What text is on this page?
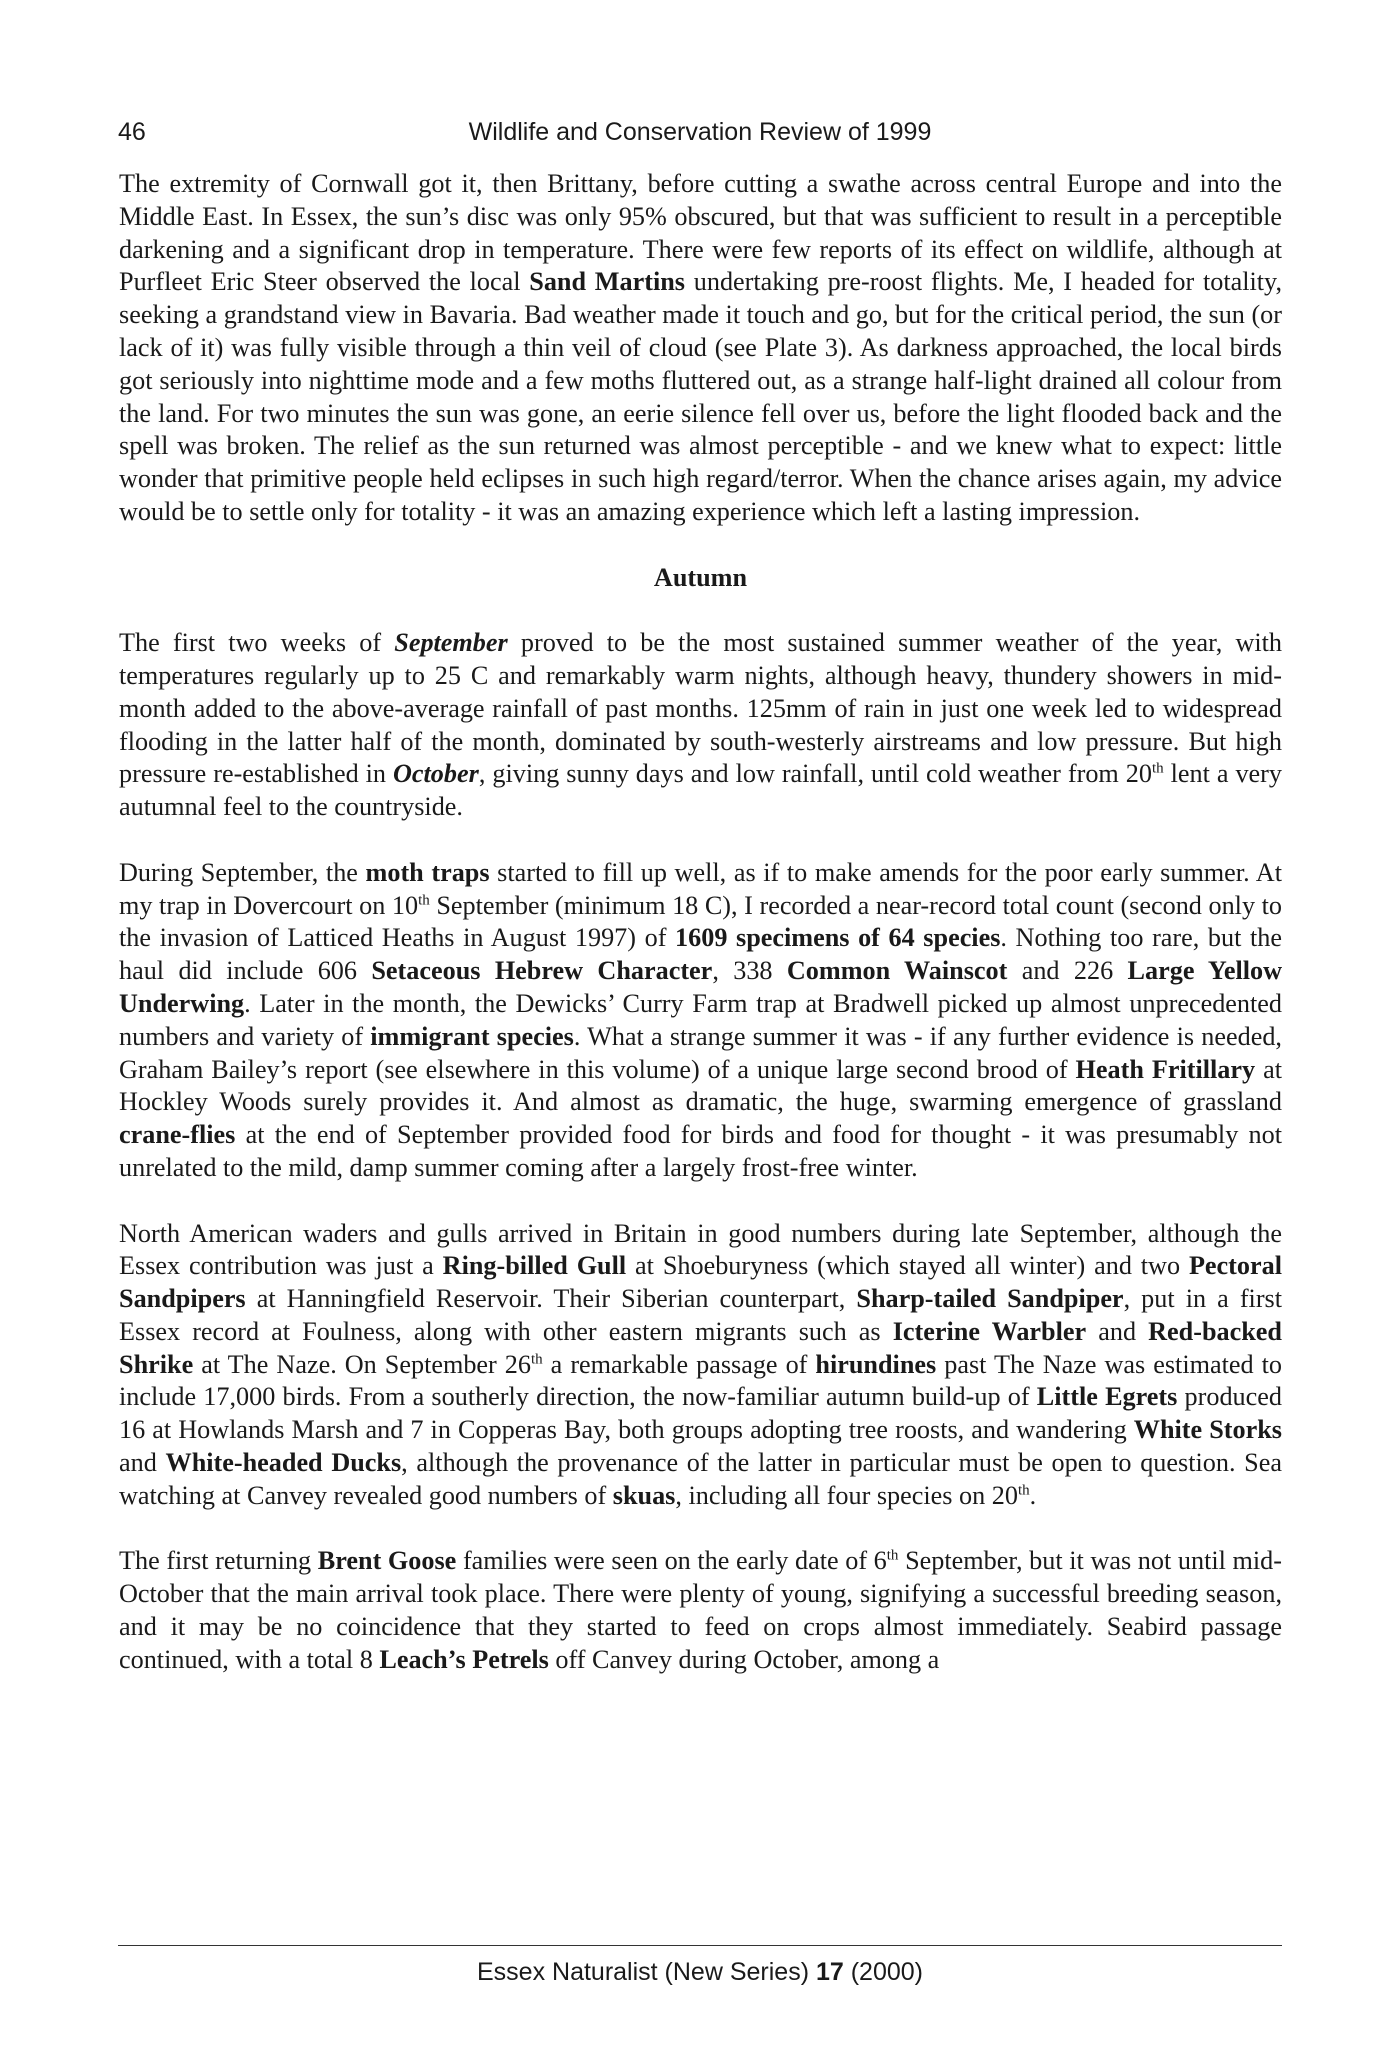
46	Wildlife and Conservation Review of 1999

The extremity of Cornwall got it, then Brittany, before cutting a swathe across central Europe and into the Middle East. In Essex, the sun’s disc was only 95% obscured, but that was sufficient to result in a perceptible darkening and a significant drop in temperature. There were few reports of its effect on wildlife, although at Purfleet Eric Steer observed the local Sand Martins undertaking pre-roost flights. Me, I headed for totality, seeking a grandstand view in Bavaria. Bad weather made it touch and go, but for the critical period, the sun (or lack of it) was fully visible through a thin veil of cloud (see Plate 3). As darkness approached, the local birds got seriously into nighttime mode and a few moths fluttered out, as a strange half-light drained all colour from the land. For two minutes the sun was gone, an eerie silence fell over us, before the light flooded back and the spell was broken. The relief as the sun returned was almost perceptible - and we knew what to expect: little wonder that primitive people held eclipses in such high regard/terror. When the chance arises again, my advice would be to settle only for totality - it was an amazing experience which left a lasting impression.

Autumn

The first two weeks of September proved to be the most sustained summer weather of the year, with temperatures regularly up to 25 C and remarkably warm nights, although heavy, thundery showers in mid-month added to the above-average rainfall of past months. 125mm of rain in just one week led to widespread flooding in the latter half of the month, dominated by south-westerly airstreams and low pressure. But high pressure re-established in October, giving sunny days and low rainfall, until cold weather from 20th lent a very autumnal feel to the countryside.

During September, the moth traps started to fill up well, as if to make amends for the poor early summer. At my trap in Dovercourt on 10th September (minimum 18 C), I recorded a near-record total count (second only to the invasion of Latticed Heaths in August 1997) of 1609 specimens of 64 species. Nothing too rare, but the haul did include 606 Setaceous Hebrew Character, 338 Common Wainscot and 226 Large Yellow Underwing. Later in the month, the Dewicks’ Curry Farm trap at Bradwell picked up almost unprecedented numbers and variety of immigrant species. What a strange summer it was - if any further evidence is needed, Graham Bailey’s report (see elsewhere in this volume) of a unique large second brood of Heath Fritillary at Hockley Woods surely provides it. And almost as dramatic, the huge, swarming emergence of grassland crane-flies at the end of September provided food for birds and food for thought - it was presumably not unrelated to the mild, damp summer coming after a largely frost-free winter.

North American waders and gulls arrived in Britain in good numbers during late September, although the Essex contribution was just a Ring-billed Gull at Shoeburyness (which stayed all winter) and two Pectoral Sandpipers at Hanningfield Reservoir. Their Siberian counterpart, Sharp-tailed Sandpiper, put in a first Essex record at Foulness, along with other eastern migrants such as Icterine Warbler and Red-backed Shrike at The Naze. On September 26th a remarkable passage of hirundines past The Naze was estimated to include 17,000 birds. From a southerly direction, the now-familiar autumn build-up of Little Egrets produced 16 at Howlands Marsh and 7 in Copperas Bay, both groups adopting tree roosts, and wandering White Storks and White-headed Ducks, although the provenance of the latter in particular must be open to question. Sea watching at Canvey revealed good numbers of skuas, including all four species on 20th.

The first returning Brent Goose families were seen on the early date of 6th September, but it was not until mid-October that the main arrival took place. There were plenty of young, signifying a successful breeding season, and it may be no coincidence that they started to feed on crops almost immediately. Seabird passage continued, with a total 8 Leach’s Petrels off Canvey during October, among a

Essex Naturalist (New Series) 17 (2000)
